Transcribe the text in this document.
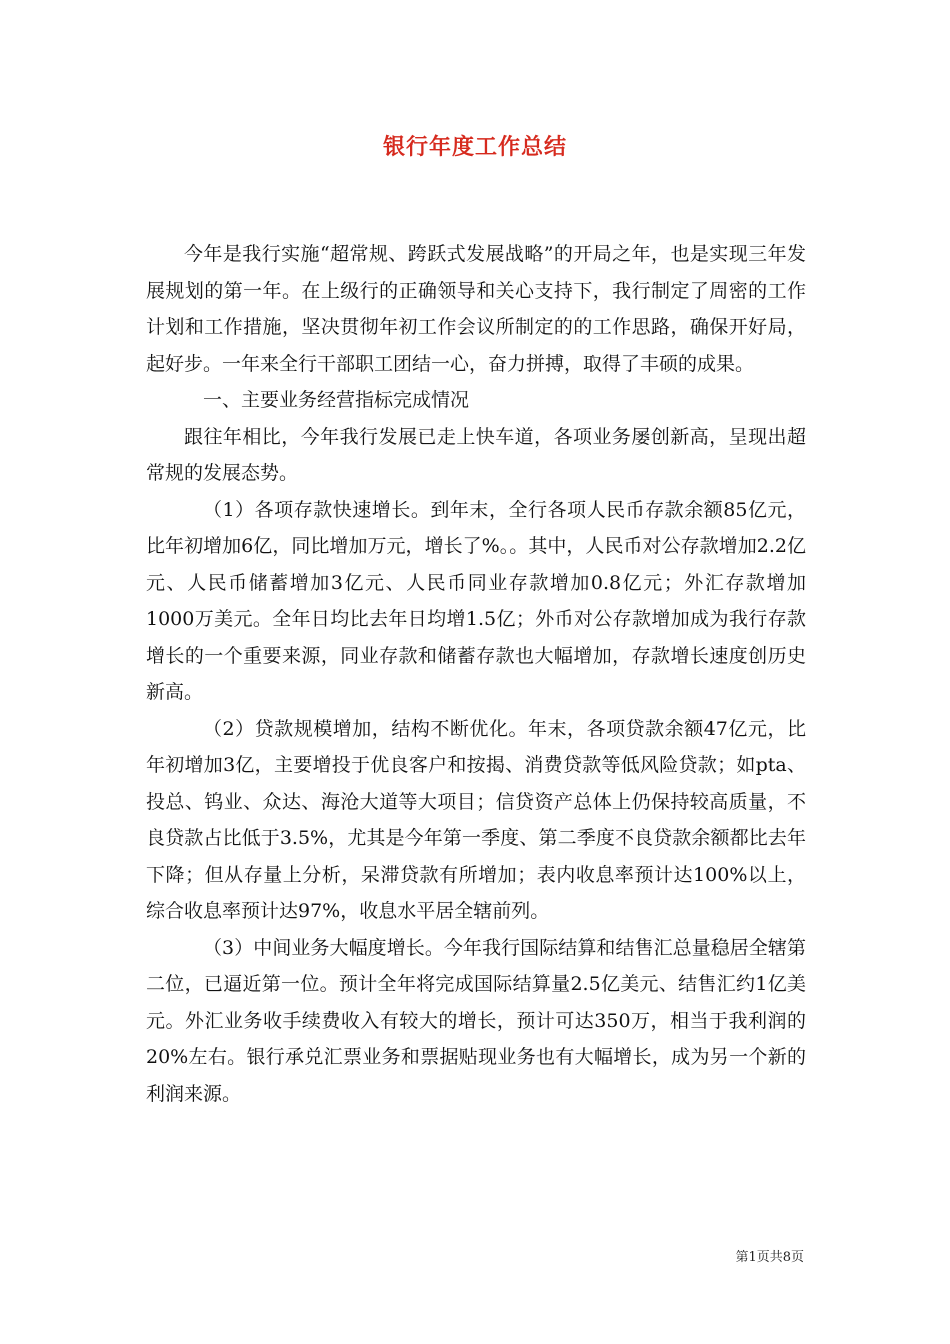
银行年度工作总结

今年是我行实施“超常规、跨跃式发展战略”的开局之年，也是实现三年发展规划的第一年。在上级行的正确领导和关心支持下，我行制定了周密的工作计划和工作措施，坚决贯彻年初工作会议所制定的的工作思路，确保开好局，起好步。一年来全行干部职工团结一心，奋力拼搏，取得了丰硕的成果。

一、主要业务经营指标完成情况

跟往年相比，今年我行发展已走上快车道，各项业务屡创新高，呈现出超常规的发展态势。

（1）各项存款快速增长。到年末，全行各项人民币存款余额85亿元，比年初增加6亿，同比增加万元，增长了%。。其中，人民币对公存款增加2.2亿元、人民币储蓄增加3亿元、人民币同业存款增加0.8亿元；外汇存款增加1000万美元。全年日均比去年日均增1.5亿；外币对公存款增加成为我行存款增长的一个重要来源，同业存款和储蓄存款也大幅增加，存款增长速度创历史新高。

（2）贷款规模增加，结构不断优化。年末，各项贷款余额47亿元，比年初增加3亿，主要增投于优良客户和按揭、消费贷款等低风险贷款；如pta、投总、钨业、众达、海沧大道等大项目；信贷资产总体上仍保持较高质量，不良贷款占比低于3.5%，尤其是今年第一季度、第二季度不良贷款余额都比去年下降；但从存量上分析，呆滞贷款有所增加；表内收息率预计达100%以上，综合收息率预计达97%，收息水平居全辖前列。

（3）中间业务大幅度增长。今年我行国际结算和结售汇总量稳居全辖第二位，已逼近第一位。预计全年将完成国际结算量2.5亿美元、结售汇约1亿美元。外汇业务收手续费收入有较大的增长，预计可达350万，相当于我利润的20%左右。银行承兑汇票业务和票据贴现业务也有大幅增长，成为另一个新的利润来源。

第1页共8页
